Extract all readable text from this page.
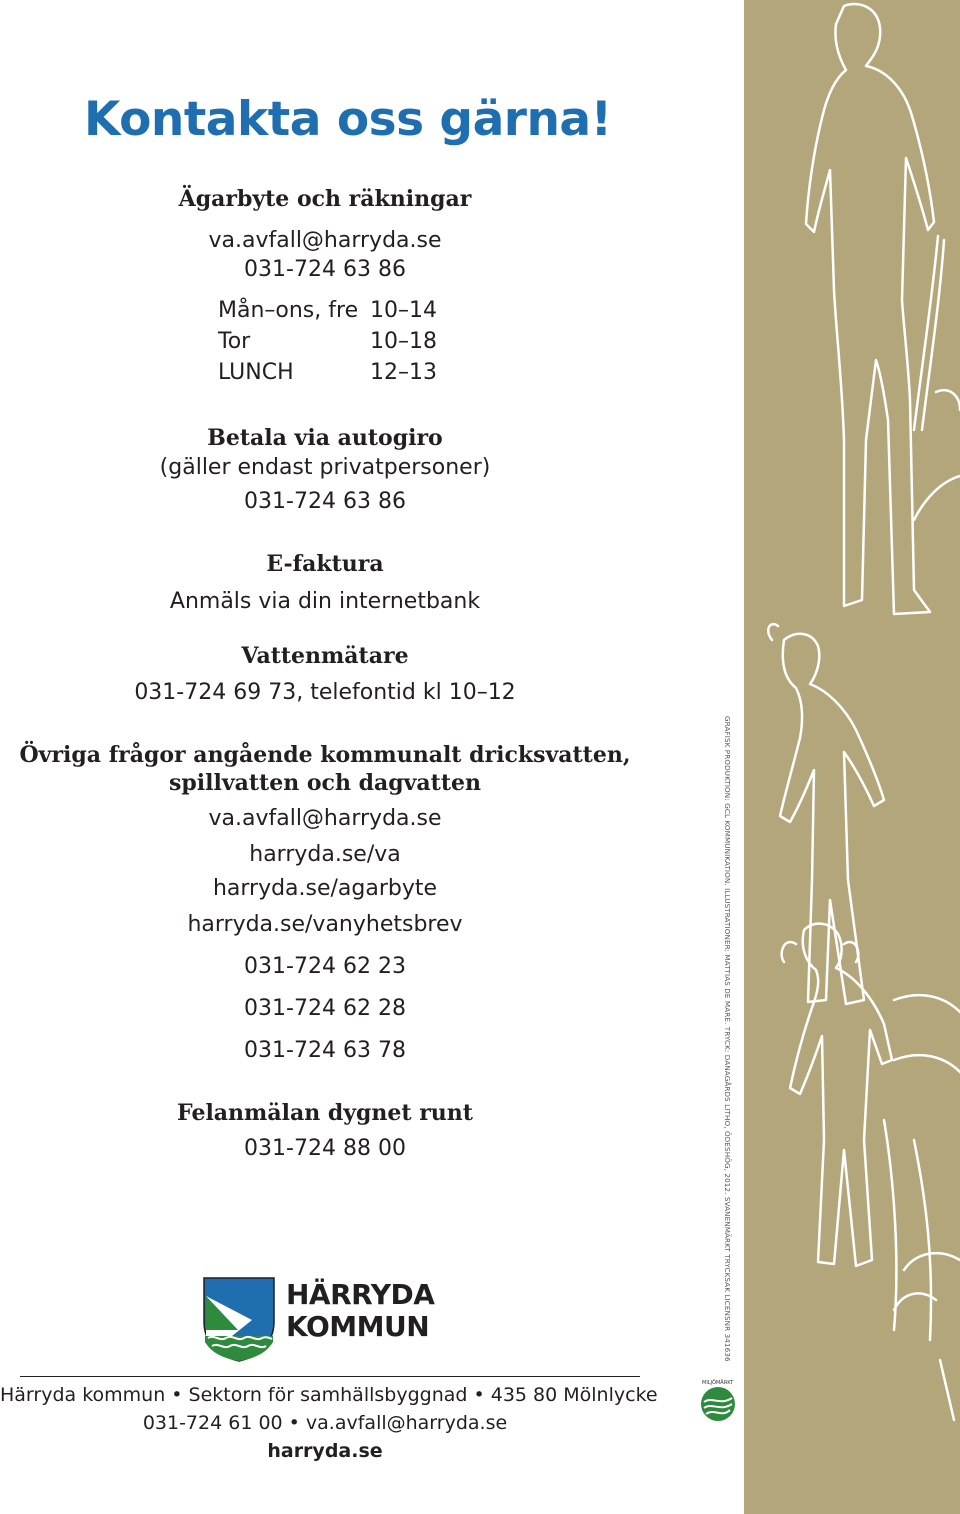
Kontakta oss gärna!
Ägarbyte och räkningar
va.avfall@harryda.se
031-724 63 86
Mån–ons, fre 10–14
Tor	10–18
LUNCH	12–13
Betala via autogiro
(gäller endast privatpersoner)
031-724 63 86
E-faktura
Anmäls via din internetbank
Vattenmätare
031-724 69 73, telefontid kl 10–12
Övriga frågor angående kommunalt dricksvatten,
spillvatten och dagvatten
va.avfall@harryda.se
harryda.se/va
harryda.se/agarbyte
harryda.se/vanyhetsbrev
031-724 62 23
031-724 62 28
031-724 63 78
Felanmälan dygnet runt
031-724 88 00
HÄRRYDA
KOMMUN
Härryda kommun • Sektorn för samhällsbyggnad • 435 80 Mölnlycke
031-724 61 00 • va.avfall@harryda.se
harryda.se
GRAFISK PRODUKTION: GCL KOMMUNIKATION. ILLUSTRATIONER: MATTIAS DE MARÉ. TRYCK: DANAGÅRDS LITHO, ÖDESHÖG, 2012. SVANENMÄRKT TRYCKSAK LICENSNR 341636
MILJÖMÄRKT
